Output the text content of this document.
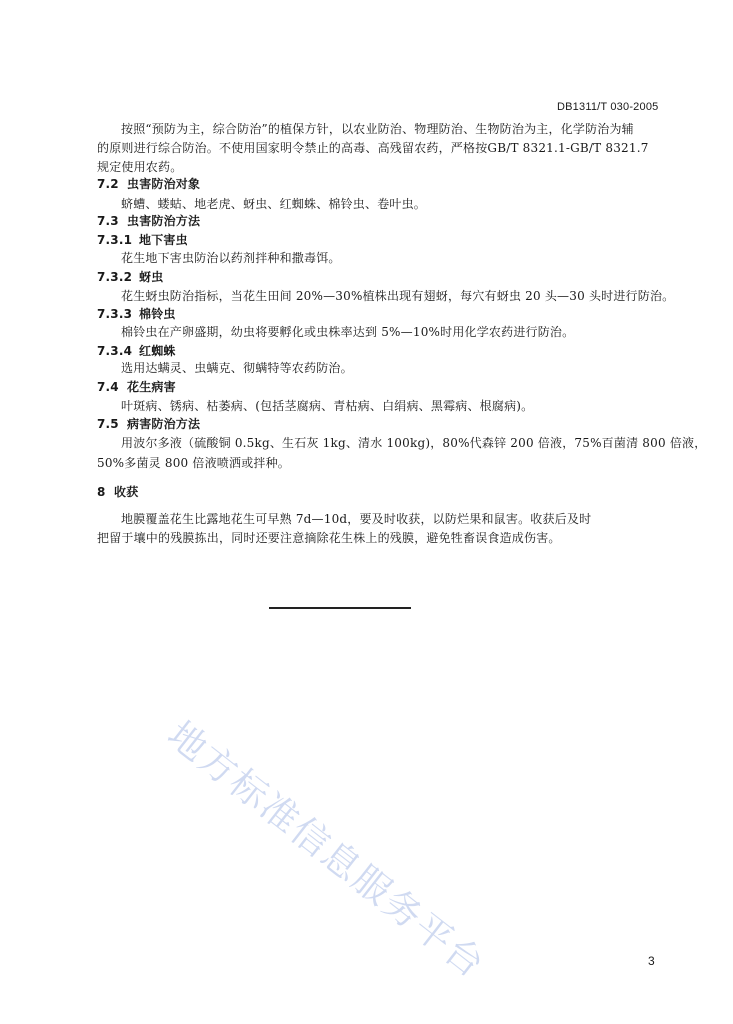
DB1311/T 030-2005
按照“预防为主，综合防治”的植保方针，以农业防治、物理防治、生物防治为主，化学防治为辅
的原则进行综合防治。不使用国家明令禁止的高毒、高残留农药，严格按GB/T 8321.1-GB/T 8321.7
规定使用农药。
7.2 虫害防治对象
蛴螬、蝼蛄、地老虎、蚜虫、红蜘蛛、棉铃虫、卷叶虫。
7.3 虫害防治方法
7.3.1 地下害虫
花生地下害虫防治以药剂拌种和撒毒饵。
7.3.2 蚜虫
花生蚜虫防治指标，当花生田间 20%—30%植株出现有翅蚜，每穴有蚜虫 20 头—30 头时进行防治。
7.3.3 棉铃虫
棉铃虫在产卵盛期，幼虫将要孵化或虫株率达到 5%—10%时用化学农药进行防治。
7.3.4 红蜘蛛
选用达螨灵、虫螨克、彻螨特等农药防治。
7.4 花生病害
叶斑病、锈病、枯萎病、(包括茎腐病、青枯病、白绢病、黑霉病、根腐病)。
7.5 病害防治方法
用波尔多液（硫酸铜 0.5kg、生石灰 1kg、清水 100kg)，80%代森锌 200 倍液，75%百菌清 800 倍液，
50%多菌灵 800 倍液喷洒或拌种。
8 收获
地膜覆盖花生比露地花生可早熟 7d—10d，要及时收获，以防烂果和鼠害。收获后及时
把留于壤中的残膜拣出，同时还要注意摘除花生株上的残膜，避免牲畜误食造成伤害。
地方标准信息服务平台	3
